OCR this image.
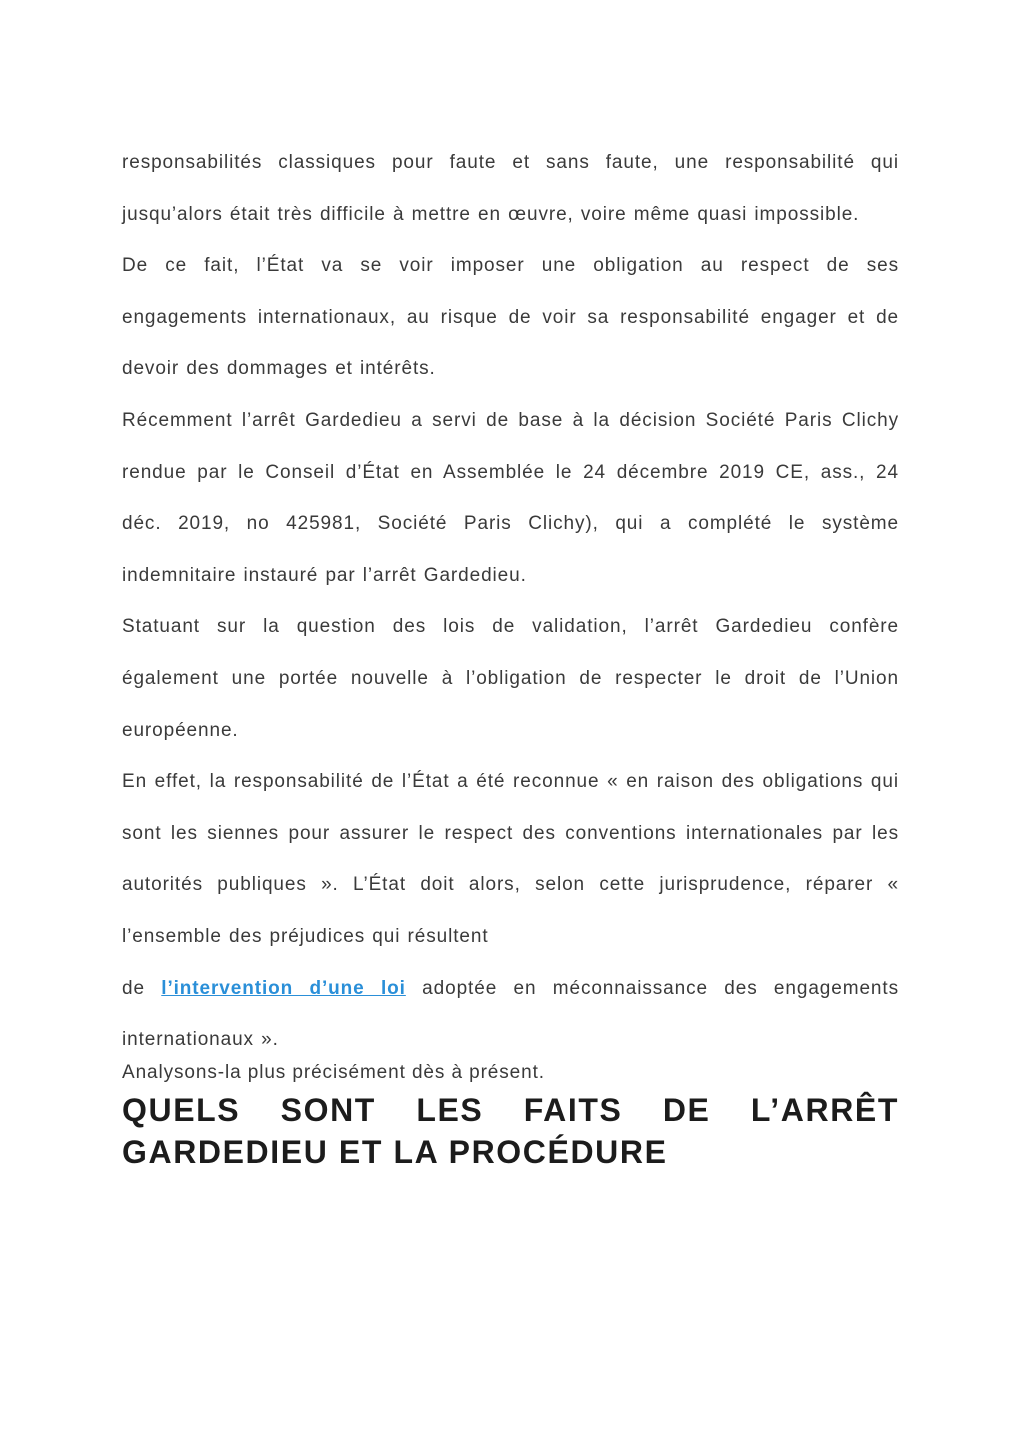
responsabilités classiques pour faute et sans faute, une responsabilité qui jusqu’alors était très difficile à mettre en œuvre, voire même quasi impossible.

De ce fait, l’État va se voir imposer une obligation au respect de ses engagements internationaux, au risque de voir sa responsabilité engager et de devoir des dommages et intérêts.

Récemment l’arrêt Gardedieu a servi de base à la décision Société Paris Clichy rendue par le Conseil d’État en Assemblée le 24 décembre 2019 CE, ass., 24 déc. 2019, no 425981, Société Paris Clichy), qui a complété le système indemnitaire instauré par l’arrêt Gardedieu.

Statuant sur la question des lois de validation, l’arrêt Gardedieu confère également une portée nouvelle à l’obligation de respecter le droit de l’Union européenne.

En effet, la responsabilité de l’État a été reconnue « en raison des obligations qui sont les siennes pour assurer le respect des conventions internationales par les autorités publiques ». L’État doit alors, selon cette jurisprudence, réparer « l’ensemble des préjudices qui résultent

de l’intervention d’une loi adoptée en méconnaissance des engagements internationaux ».

Analysons-la plus précisément dès à présent.

QUELS SONT LES FAITS DE L’ARRÊT GARDEDIEU ET LA PROCÉDURE
